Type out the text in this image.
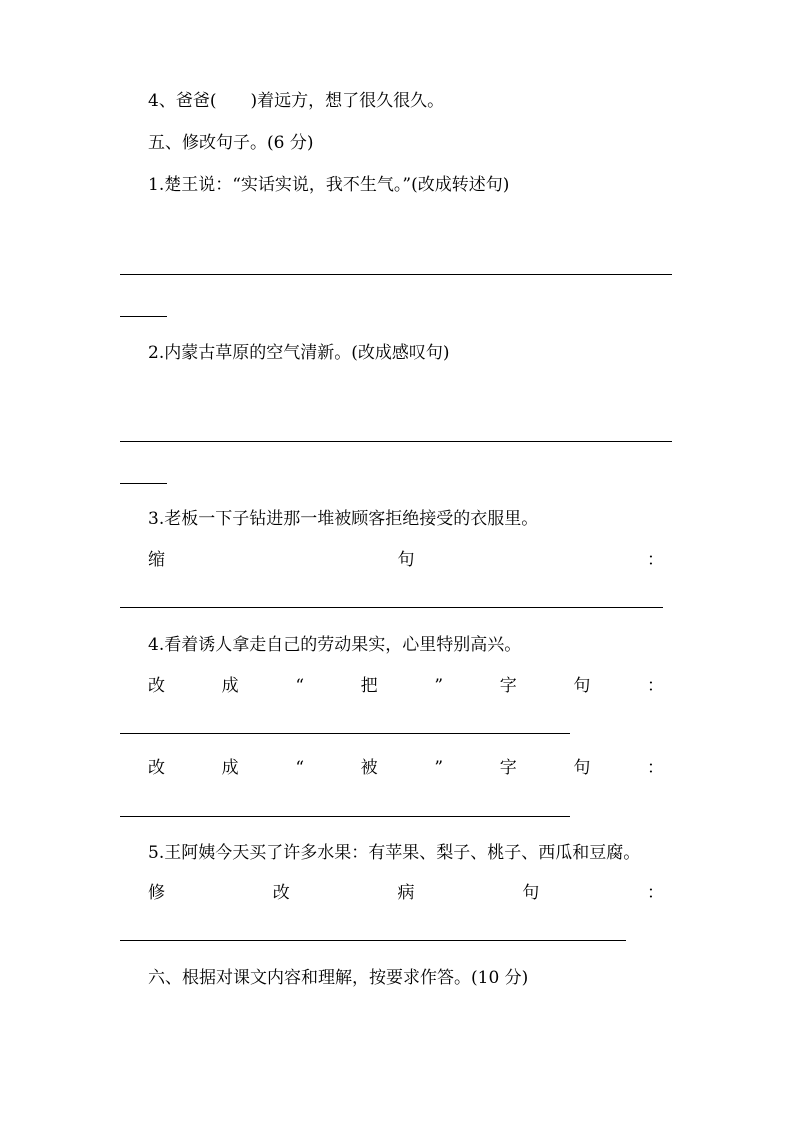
4、爸爸(　　)着远方，想了很久很久。
五、修改句子。(6 分)
1.楚王说：“实话实说，我不生气。”(改成转述句)
2.内蒙古草原的空气清新。(改成感叹句)
3.老板一下子钻进那一堆被顾客拒绝接受的衣服里。
缩	句	：
4.看着诱人拿走自己的劳动果实，心里特别高兴。
改	成	“	把	”	字	句	：
改	成	“	被	”	字	句	：
5.王阿姨今天买了许多水果：有苹果、梨子、桃子、西瓜和豆腐。
修	改	病	句	：
六、根据对课文内容和理解，按要求作答。(10 分)
